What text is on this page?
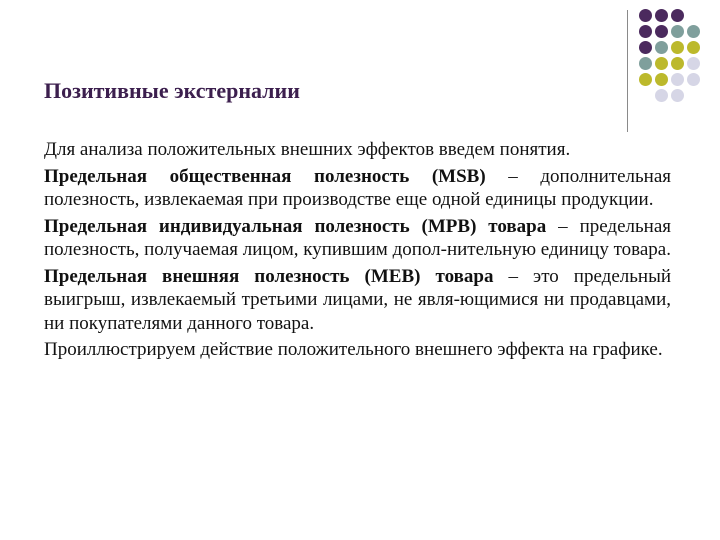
Позитивные экстерналии

Для анализа положительных внешних эффектов введем понятия.

Предельная общественная полезность (MSB) – дополнительная полезность, извлекаемая при производстве еще одной единицы продукции.

Предельная индивидуальная полезность (MPB) товара – предельная полезность, получаемая лицом, купившим допол-нительную единицу товара.

Предельная внешняя полезность (MEB) товара – это предельный выигрыш, извлекаемый третьими лицами, не явля-ющимися ни продавцами, ни покупателями данного товара.

Проиллюстрируем действие положительного внешнего эффекта на графике.
